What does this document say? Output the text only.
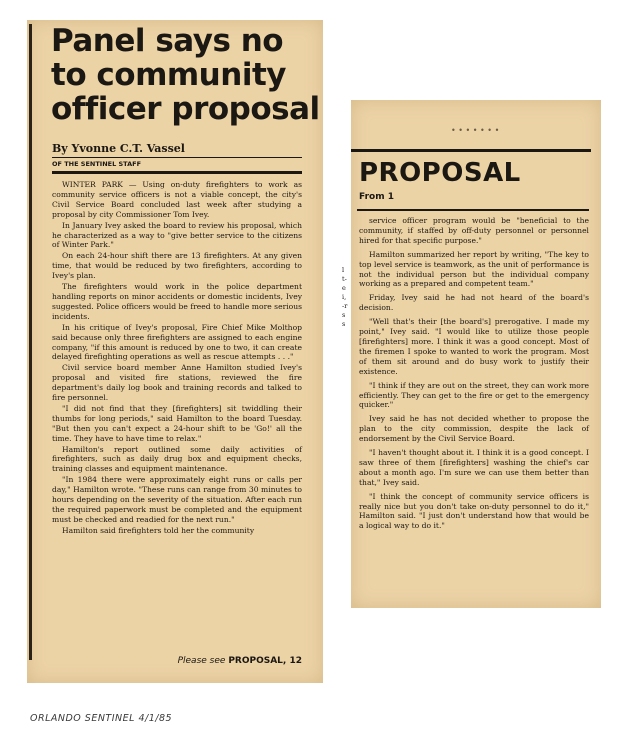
Panel says no
to community
officer proposal
By Yvonne C.T. Vassel
OF THE SENTINEL STAFF

WINTER PARK — Using on-duty firefighters to work as community service officers is not a viable concept, the city's Civil Service Board concluded last week after studying a proposal by city Commissioner Tom Ivey.

In January Ivey asked the board to review his proposal, which he characterized as a way to "give better service to the citizens of Winter Park."

On each 24-hour shift there are 13 firefighters. At any given time, that would be reduced by two firefighters, according to Ivey's plan.

The firefighters would work in the police department handling reports on minor accidents or domestic incidents, Ivey suggested. Police officers would be freed to handle more serious incidents.

In his critique of Ivey's proposal, Fire Chief Mike Molthop said because only three firefighters are assigned to each engine company, "if this amount is reduced by one to two, it can create delayed firefighting operations as well as rescue attempts . . ."

Civil service board member Anne Hamilton studied Ivey's proposal and visited fire stations, reviewed the fire department's daily log book and training records and talked to fire personnel.

"I did not find that they [firefighters] sit twiddling their thumbs for long periods," said Hamilton to the board Tuesday. "But then you can't expect a 24-hour shift to be 'Go!' all the time. They have to have time to relax."

Hamilton's report outlined some daily activities of firefighters, such as daily drug box and equipment checks, training classes and equipment maintenance.

"In 1984 there were approximately eight runs or calls per day," Hamilton wrote. "These runs can range from 30 minutes to hours depending on the severity of the situation. After each run the required paperwork must be completed and the equipment must be checked and readied for the next run."

Hamilton said firefighters told her the community

Please see PROPOSAL, 12
l
t-
e
i,
-r
s
s
• • • • • • •
PROPOSAL
From 1

service officer program would be "beneficial to the community, if staffed by off-duty personnel or personnel hired for that specific purpose."

Hamilton summarized her report by writing, "The key to top level service is teamwork, as the unit of performance is not the individual person but the individual company working as a prepared and competent team."

Friday, Ivey said he had not heard of the board's decision.

"Well that's their [the board's] prerogative. I made my point," Ivey said. "I would like to utilize those people [firefighters] more. I think it was a good concept. Most of the firemen I spoke to wanted to work the program. Most of them sit around and do busy work to justify their existence.

"I think if they are out on the street, they can work more efficiently. They can get to the fire or get to the emergency quicker."

Ivey said he has not decided whether to propose the plan to the city commission, despite the lack of endorsement by the Civil Service Board.

"I haven't thought about it. I think it is a good concept. I saw three of them [firefighters] washing the chief's car about a month ago. I'm sure we can use them better than that," Ivey said.

"I think the concept of community service officers is really nice but you don't take on-duty personnel to do it," Hamilton said. "I just don't understand how that would be a logical way to do it."

ORLANDO SENTINEL 4/1/85
